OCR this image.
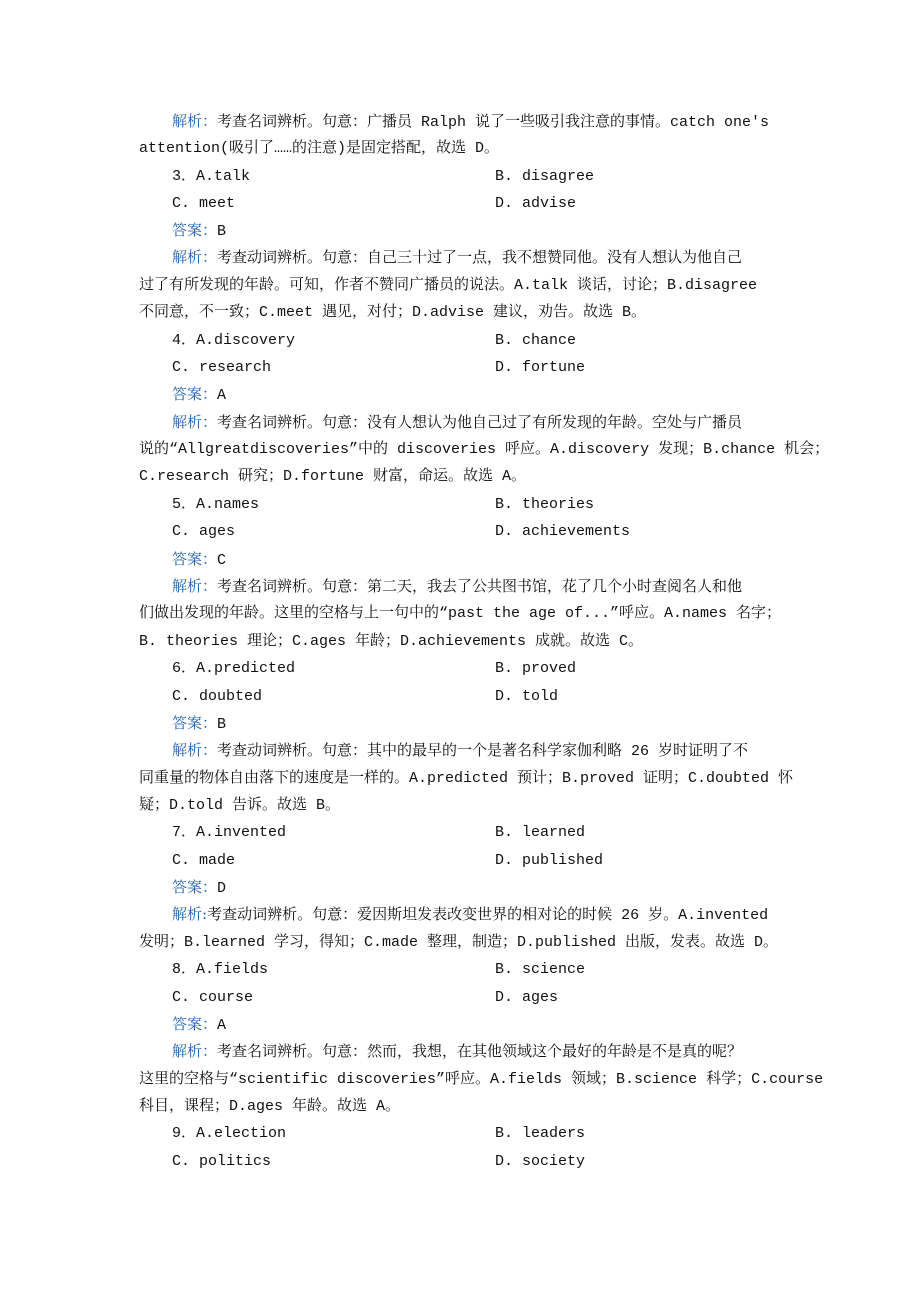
解析：考查名词辨析。句意：广播员 Ralph 说了一些吸引我注意的事情。catch one's
attention(吸引了……的注意)是固定搭配，故选 D。
3．A.talk	B. disagree
C. meet	D. advise
答案：B
解析：考查动词辨析。句意：自己三十过了一点，我不想赞同他。没有人想认为他自己
过了有所发现的年龄。可知，作者不赞同广播员的说法。A.talk 谈话，讨论；B.disagree
不同意，不一致；C.meet 遇见，对付；D.advise 建议，劝告。故选 B。
4．A.discovery	B. chance
C. research	D. fortune
答案：A
解析：考查名词辨析。句意：没有人想认为他自己过了有所发现的年龄。空处与广播员
说的“Allgreatdiscoveries”中的 discoveries 呼应。A.discovery 发现；B.chance 机会；
C.research 研究；D.fortune 财富，命运。故选 A。
5．A.names	B. theories
C. ages	D. achievements
答案：C
解析：考查名词辨析。句意：第二天，我去了公共图书馆，花了几个小时查阅名人和他
们做出发现的年龄。这里的空格与上一句中的“past the age of...”呼应。A.names 名字；
B. theories 理论；C.ages 年龄；D.achievements 成就。故选 C。
6．A.predicted	B. proved
C. doubted	D. told
答案：B
解析：考查动词辨析。句意：其中的最早的一个是著名科学家伽利略 26 岁时证明了不
同重量的物体自由落下的速度是一样的。A.predicted 预计；B.proved 证明；C.doubted 怀
疑；D.told 告诉。故选 B。
7．A.invented	B. learned
C. made	D. published
答案：D
解析:考查动词辨析。句意：爱因斯坦发表改变世界的相对论的时候 26 岁。A.invented
发明；B.learned 学习，得知；C.made 整理，制造；D.published 出版，发表。故选 D。
8．A.fields	B. science
C. course	D. ages
答案：A
解析：考查名词辨析。句意：然而，我想，在其他领域这个最好的年龄是不是真的呢？
这里的空格与“scientific discoveries”呼应。A.fields 领域；B.science 科学；C.course
科目，课程；D.ages 年龄。故选 A。
9．A.election	B. leaders
C. politics	D. society
